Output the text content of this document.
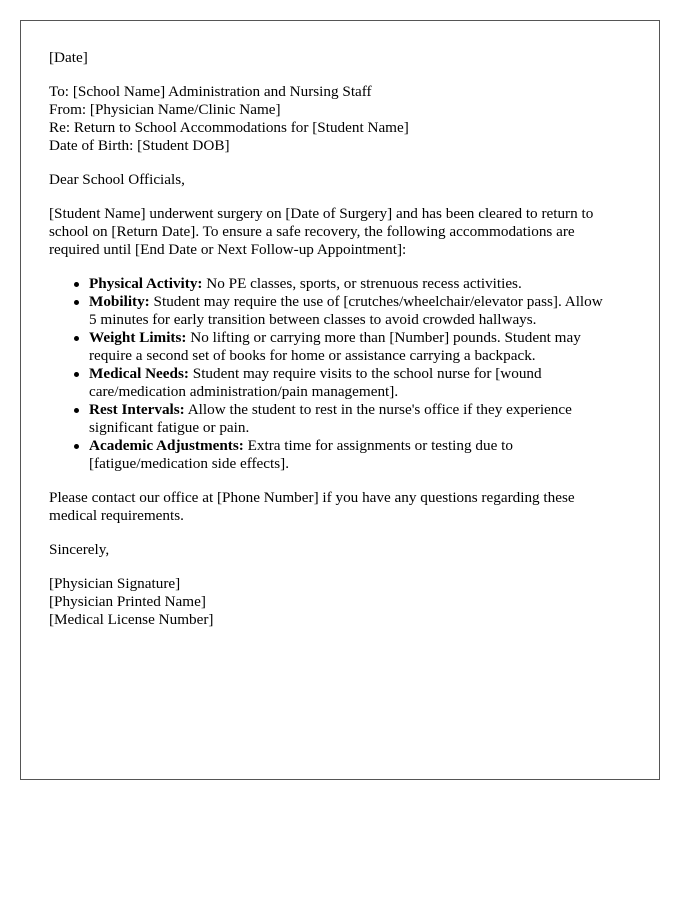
[Date]

To: [School Name] Administration and Nursing Staff
From: [Physician Name/Clinic Name]
Re: Return to School Accommodations for [Student Name]
Date of Birth: [Student DOB]

Dear School Officials,

[Student Name] underwent surgery on [Date of Surgery] and has been cleared to return to
school on [Return Date]. To ensure a safe recovery, the following accommodations are
required until [End Date or Next Follow-up Appointment]:
Physical Activity: No PE classes, sports, or strenuous recess activities.
Mobility: Student may require the use of [crutches/wheelchair/elevator pass]. Allow
5 minutes for early transition between classes to avoid crowded hallways.
Weight Limits: No lifting or carrying more than [Number] pounds. Student may
require a second set of books for home or assistance carrying a backpack.
Medical Needs: Student may require visits to the school nurse for [wound
care/medication administration/pain management].
Rest Intervals: Allow the student to rest in the nurse's office if they experience
significant fatigue or pain.
Academic Adjustments: Extra time for assignments or testing due to
[fatigue/medication side effects].
Please contact our office at [Phone Number] if you have any questions regarding these
medical requirements.

Sincerely,

[Physician Signature]
[Physician Printed Name]
[Medical License Number]
